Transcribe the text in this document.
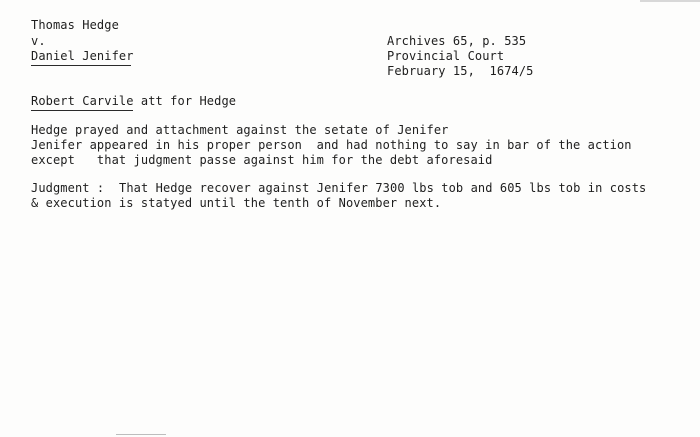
Thomas Hedge
v.
Daniel Jenifer
Archives 65, p. 535
Provincial Court
February 15,  1674/5
Robert Carvile att for Hedge
Hedge prayed and attachment against the setate of Jenifer
Jenifer appeared in his proper person  and had nothing to say in bar of the action
except   that judgment passe against him for the debt aforesaid
Judgment : That Hedge recover against Jenifer 7300 lbs tob and 605 lbs tob in costs
& execution is statyed until the tenth of November next.
